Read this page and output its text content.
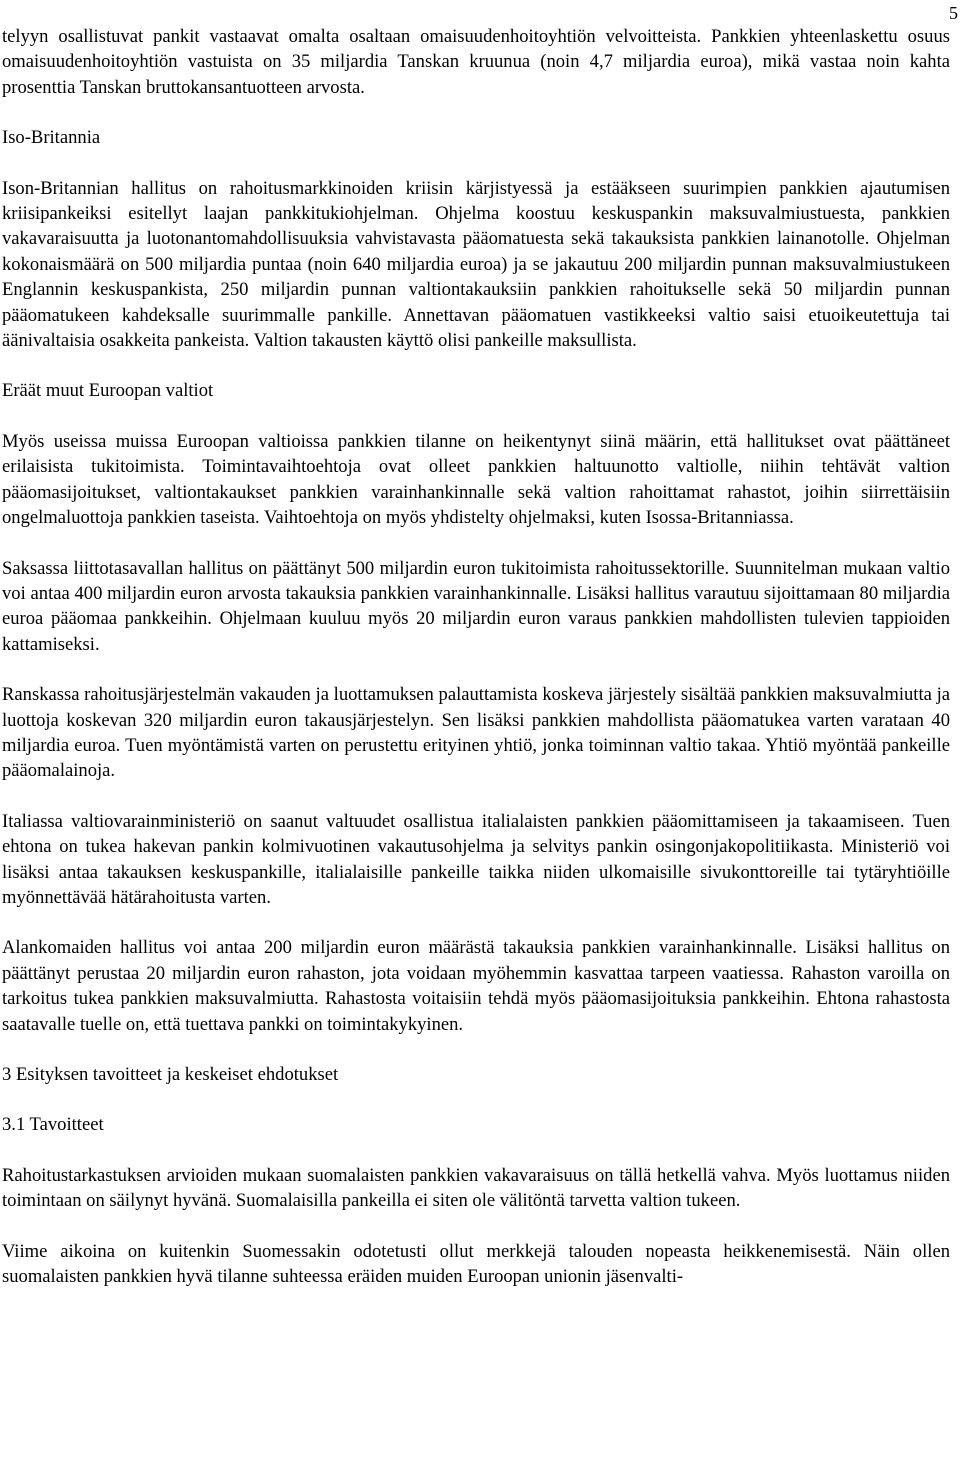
5

telyyn osallistuvat pankit vastaavat omalta osaltaan omaisuudenhoitoyhtiön velvoitteista. Pankkien yhteenlaskettu osuus omaisuudenhoitoyhtiön vastuista on 35 miljardia Tanskan kruunua (noin 4,7 miljardia euroa), mikä vastaa noin kahta prosenttia Tanskan bruttokansantuotteen arvosta.

Iso-Britannia

Ison-Britannian hallitus on rahoitusmarkkinoiden kriisin kärjistyessä ja estääkseen suurimpien pankkien ajautumisen kriisipankeiksi esitellyt laajan pankkitukiohjelman. Ohjelma koostuu keskuspankin maksuvalmiustuesta, pankkien vakavaraisuutta ja luotonantomahdollisuuksia vahvistavasta pääomatuesta sekä takauksista pankkien lainanotolle. Ohjelman kokonaismäärä on 500 miljardia puntaa (noin 640 miljardia euroa) ja se jakautuu 200 miljardin punnan maksuvalmiustukeen Englannin keskuspankista, 250 miljardin punnan valtiontakauksiin pankkien rahoitukselle sekä 50 miljardin punnan pääomatukeen kahdeksalle suurimmalle pankille. Annettavan pääomatuen vastikkeeksi valtio saisi etuoikeutettuja tai äänivaltaisia osakkeita pankeista. Valtion takausten käyttö olisi pankeille maksullista.

Eräät muut Euroopan valtiot

Myös useissa muissa Euroopan valtioissa pankkien tilanne on heikentynyt siinä määrin, että hallitukset ovat päättäneet erilaisista tukitoimista. Toimintavaihtoehtoja ovat olleet pankkien haltuunotto valtiolle, niihin tehtävät valtion pääomasijoitukset, valtiontakaukset pankkien varainhankinnalle sekä valtion rahoittamat rahastot, joihin siirrettäisiin ongelmaluottoja pankkien taseista. Vaihtoehtoja on myös yhdistelty ohjelmaksi, kuten Isossa-Britanniassa.

Saksassa liittotasavallan hallitus on päättänyt 500 miljardin euron tukitoimista rahoitussektorille. Suunnitelman mukaan valtio voi antaa 400 miljardin euron arvosta takauksia pankkien varainhankinnalle. Lisäksi hallitus varautuu sijoittamaan 80 miljardia euroa pääomaa pankkeihin. Ohjelmaan kuuluu myös 20 miljardin euron varaus pankkien mahdollisten tulevien tappioiden kattamiseksi.

Ranskassa rahoitusjärjestelmän vakauden ja luottamuksen palauttamista koskeva järjestely sisältää pankkien maksuvalmiutta ja luottoja koskevan 320 miljardin euron takausjärjestelyn. Sen lisäksi pankkien mahdollista pääomatukea varten varataan 40 miljardia euroa. Tuen myöntämistä varten on perustettu erityinen yhtiö, jonka toiminnan valtio takaa. Yhtiö myöntää pankeille pääomalainoja.

Italiassa valtiovarainministeriö on saanut valtuudet osallistua italialaisten pankkien pääomittamiseen ja takaamiseen. Tuen ehtona on tukea hakevan pankin kolmivuotinen vakautusohjelma ja selvitys pankin osingonjakopolitiikasta. Ministeriö voi lisäksi antaa takauksen keskuspankille, italialaisille pankeille taikka niiden ulkomaisille sivukonttoreille tai tytäryhtiöille myönnettävää hätärahoitusta varten.

Alankomaiden hallitus voi antaa 200 miljardin euron määrästä takauksia pankkien varainhankinnalle. Lisäksi hallitus on päättänyt perustaa 20 miljardin euron rahaston, jota voidaan myöhemmin kasvattaa tarpeen vaatiessa. Rahaston varoilla on tarkoitus tukea pankkien maksuvalmiutta. Rahastosta voitaisiin tehdä myös pääomasijoituksia pankkeihin. Ehtona rahastosta saatavalle tuelle on, että tuettava pankki on toimintakykyinen.

3 Esityksen tavoitteet ja keskeiset ehdotukset
3.1 Tavoitteet

Rahoitustarkastuksen arvioiden mukaan suomalaisten pankkien vakavaraisuus on tällä hetkellä vahva. Myös luottamus niiden toimintaan on säilynyt hyvänä. Suomalaisilla pankeilla ei siten ole välitöntä tarvetta valtion tukeen.

Viime aikoina on kuitenkin Suomessakin odotetusti ollut merkkejä talouden nopeasta heikkenemisestä. Näin ollen suomalaisten pankkien hyvä tilanne suhteessa eräiden muiden Euroopan unionin jäsenvalti-
